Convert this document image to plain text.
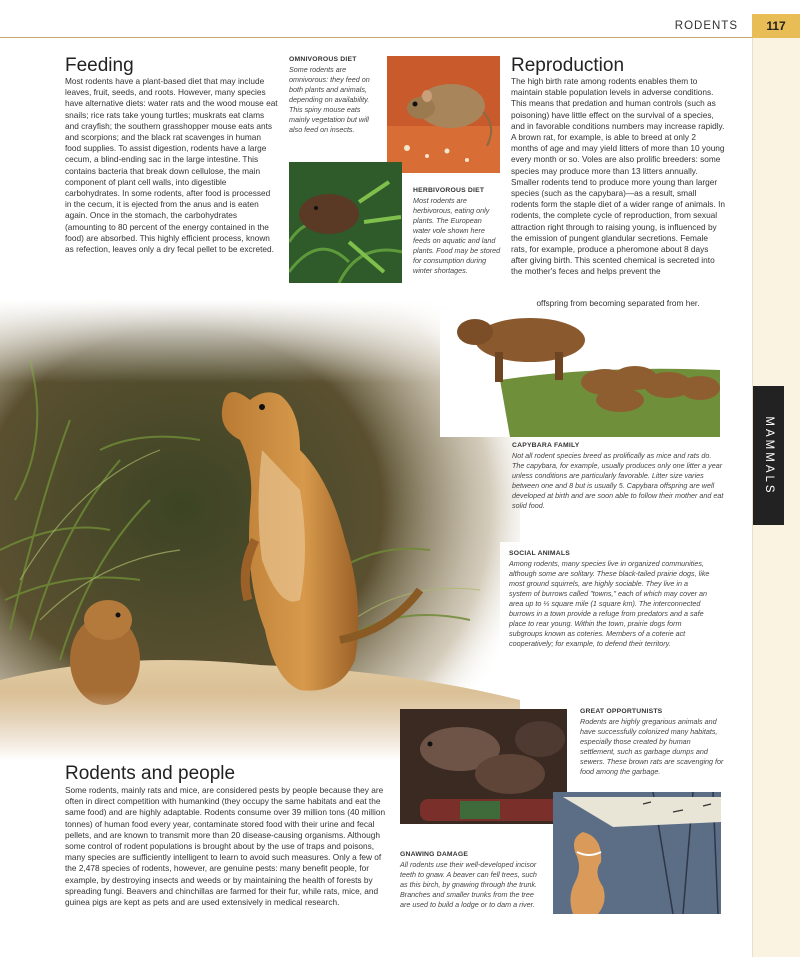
RODENTS	117
MAMMALS
Feeding

Most rodents have a plant-based diet that may include leaves, fruit, seeds, and roots. However, many species have alternative diets: water rats and the wood mouse eat snails; rice rats take young turtles; muskrats eat clams and crayfish; the southern grasshopper mouse eats ants and scorpions; and the black rat scavenges in human food supplies. To assist digestion, rodents have a large cecum, a blind-ending sac in the large intestine. This contains bacteria that break down cellulose, the main component of plant cell walls, into digestible carbohydrates. In some rodents, after food is processed in the cecum, it is ejected from the anus and is eaten again. Once in the stomach, the carbohydrates (amounting to 80 percent of the energy contained in the food) are absorbed. This highly efficient process, known as refection, leaves only a dry fecal pellet to be excreted.

OMNIVOROUS DIET
Some rodents are omnivorous: they feed on both plants and animals, depending on availability. This spiny mouse eats mainly vegetation but will also feed on insects.
HERBIVOROUS DIET
Most rodents are herbivorous, eating only plants. The European water vole shown here feeds on aquatic and land plants. Food may be stored for consumption during winter shortages.
Reproduction

The high birth rate among rodents enables them to maintain stable population levels in adverse conditions. This means that predation and human controls (such as poisoning) have little effect on the survival of a species, and in favorable conditions numbers may increase rapidly. A brown rat, for example, is able to breed at only 2 months of age and may yield litters of more than 10 young every month or so. Voles are also prolific breeders: some species may produce more than 13 litters annually. Smaller rodents tend to produce more young than larger species (such as the capybara)—as a result, small rodents form the staple diet of a wider range of animals. In rodents, the complete cycle of reproduction, from sexual attraction right through to raising young, is influenced by the emission of pungent glandular secretions. Female rats, for example, produce a pheromone about 8 days after giving birth. This scented chemical is secreted into the mother's feces and helps prevent the

offspring from becoming separated from her.

CAPYBARA FAMILY
Not all rodent species breed as prolifically as mice and rats do. The capybara, for example, usually produces only one litter a year unless conditions are particularly favorable. Litter size varies between one and 8 but is usually 5. Capybara offspring are well developed at birth and are soon able to follow their mother and eat solid food.
SOCIAL ANIMALS
Among rodents, many species live in organized communities, although some are solitary. These black-tailed prairie dogs, like most ground squirrels, are highly sociable. They live in a system of burrows called "towns," each of which may cover an area up to ⅓ square mile (1 square km). The interconnected burrows in a town provide a refuge from predators and a safe place to rear young. Within the town, prairie dogs form subgroups known as coteries. Members of a coterie act cooperatively; for example, to defend their territory.
GREAT OPPORTUNISTS
Rodents are highly gregarious animals and have successfully colonized many habitats, especially those created by human settlement, such as garbage dumps and sewers. These brown rats are scavenging for food among the garbage.
Rodents and people

Some rodents, mainly rats and mice, are considered pests by people because they are often in direct competition with humankind (they occupy the same habitats and eat the same food) and are highly adaptable. Rodents consume over 39 million tons (40 million tonnes) of human food every year, contaminate stored food with their urine and fecal pellets, and are known to transmit more than 20 disease-causing organisms. Although some control of rodent populations is brought about by the use of traps and poisons, many species are sufficiently intelligent to learn to avoid such measures. Only a few of the 2,478 species of rodents, however, are genuine pests: many benefit people, for example, by destroying insects and weeds or by maintaining the health of forests by spreading fungi. Beavers and chinchillas are farmed for their fur, while rats, mice, and guinea pigs are kept as pets and are used extensively in medical research.

GNAWING DAMAGE
All rodents use their well-developed incisor teeth to gnaw. A beaver can fell trees, such as this birch, by gnawing through the trunk. Branches and smaller trunks from the tree are used to build a lodge or to dam a river.
